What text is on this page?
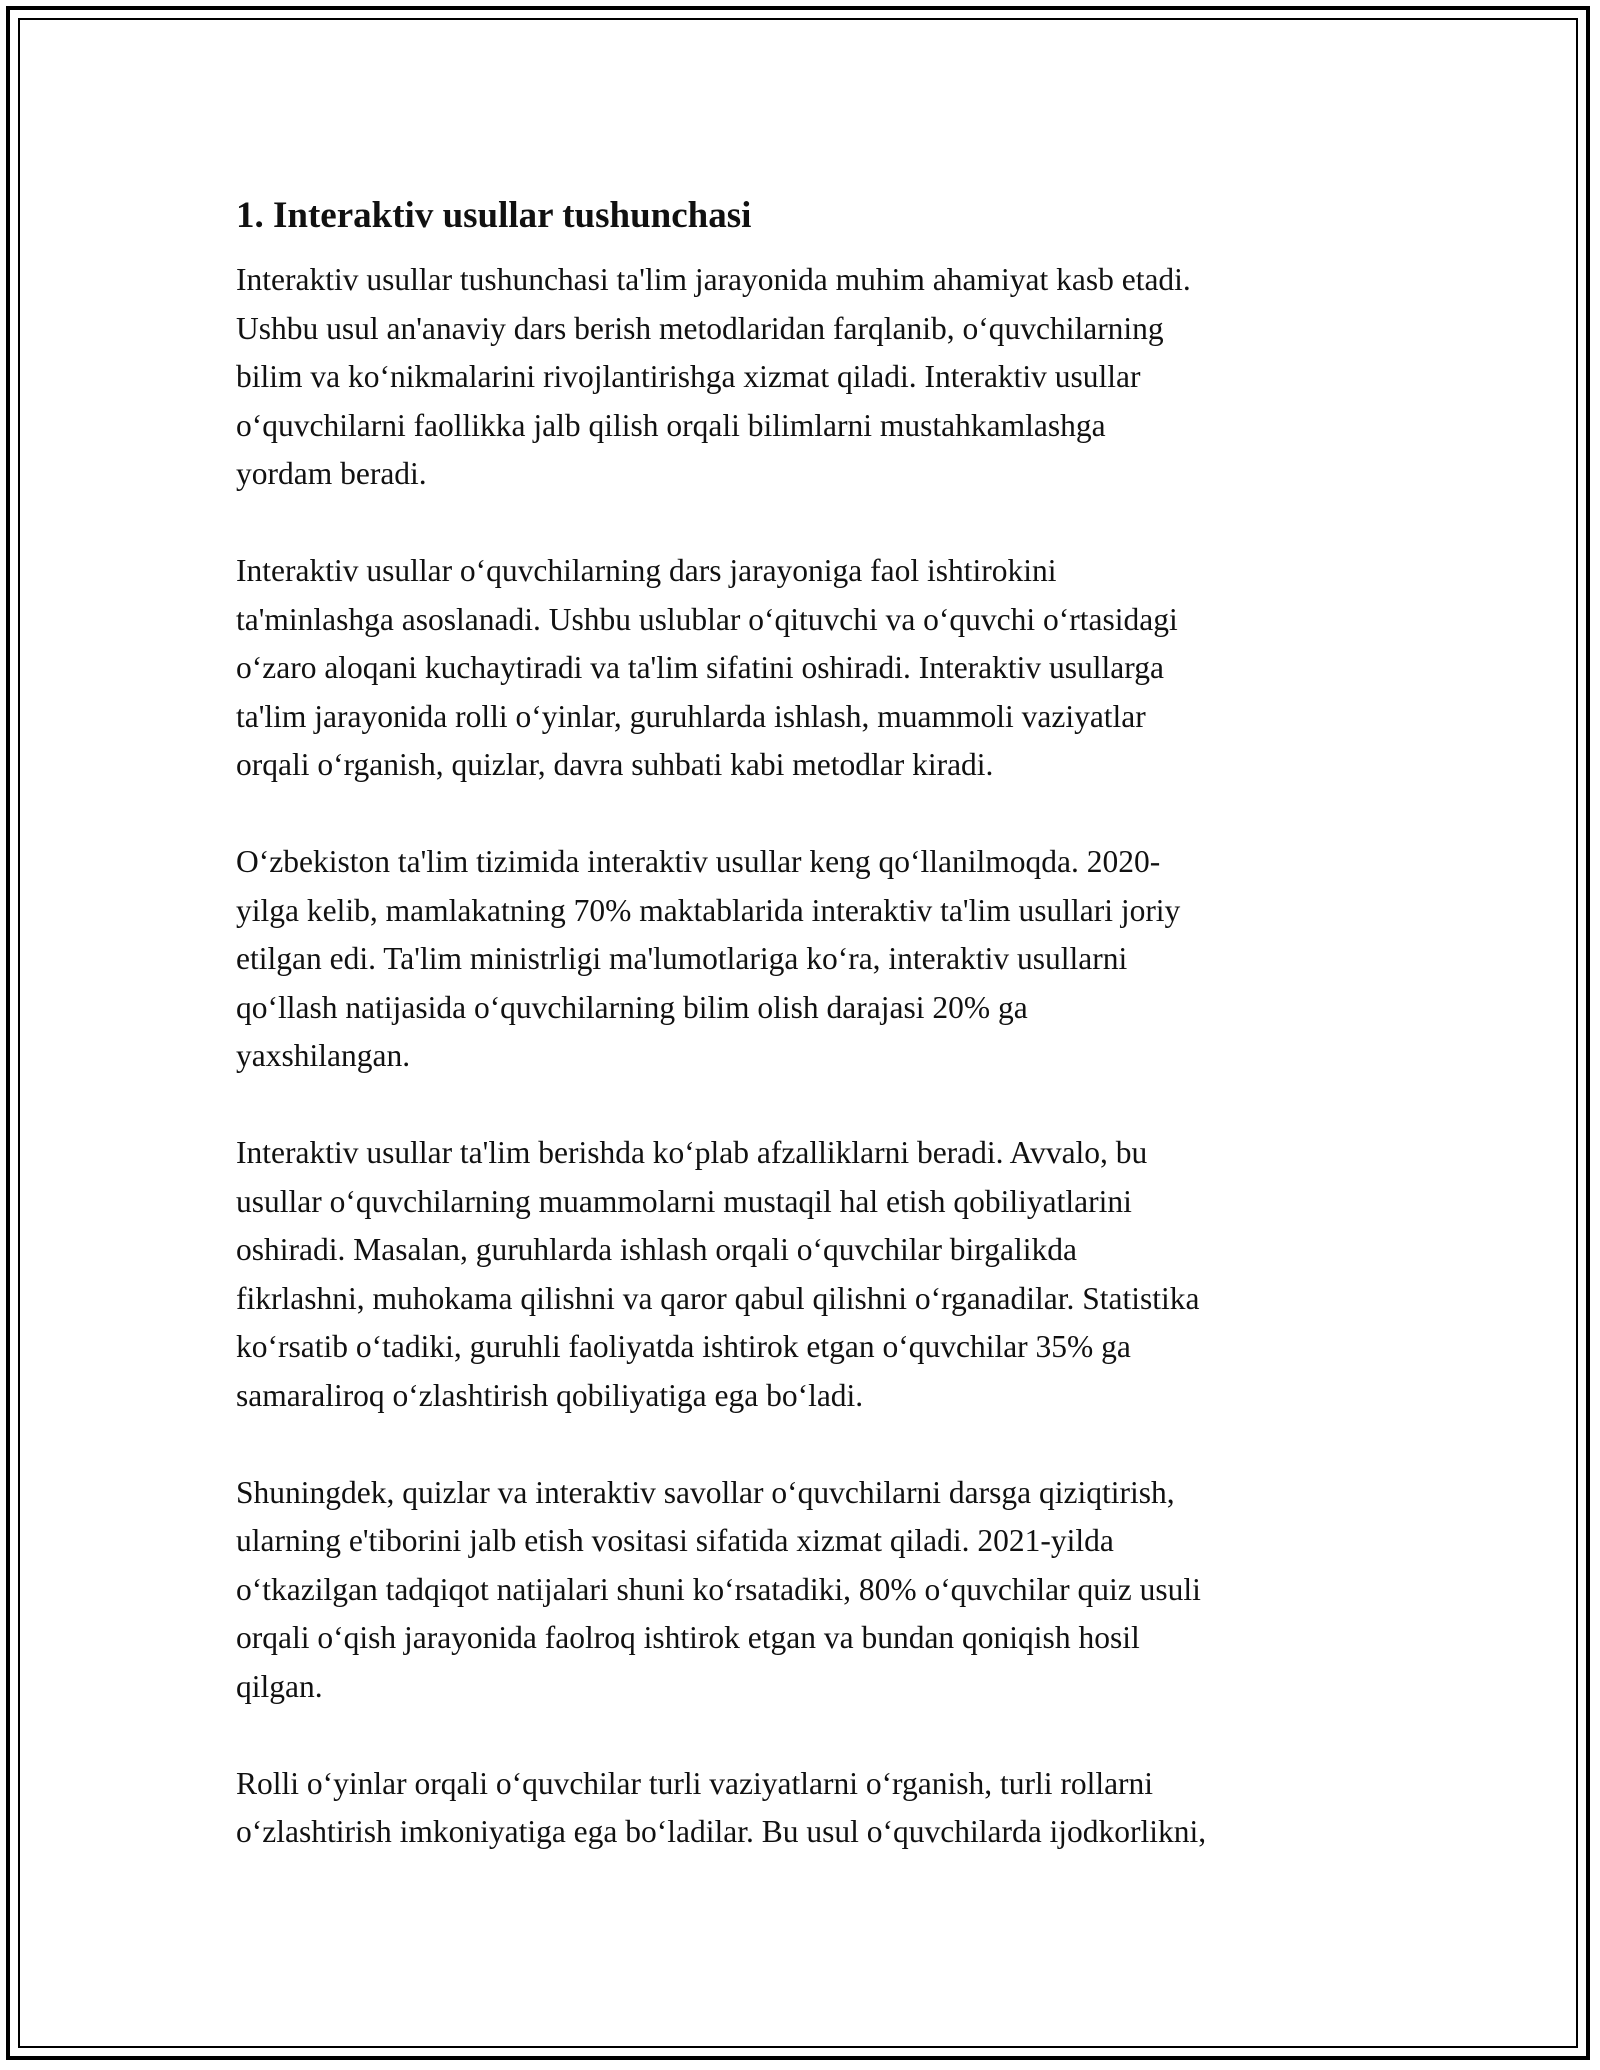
1. Interaktiv usullar tushunchasi

Interaktiv usullar tushunchasi ta'lim jarayonida muhim ahamiyat kasb etadi.
Ushbu usul an'anaviy dars berish metodlaridan farqlanib, o‘quvchilarning
bilim va ko‘nikmalarini rivojlantirishga xizmat qiladi. Interaktiv usullar
o‘quvchilarni faollikka jalb qilish orqali bilimlarni mustahkamlashga
yordam beradi.

Interaktiv usullar o‘quvchilarning dars jarayoniga faol ishtirokini
ta'minlashga asoslanadi. Ushbu uslublar o‘qituvchi va o‘quvchi o‘rtasidagi
o‘zaro aloqani kuchaytiradi va ta'lim sifatini oshiradi. Interaktiv usullarga
ta'lim jarayonida rolli o‘yinlar, guruhlarda ishlash, muammoli vaziyatlar
orqali o‘rganish, quizlar, davra suhbati kabi metodlar kiradi.

O‘zbekiston ta'lim tizimida interaktiv usullar keng qo‘llanilmoqda. 2020-
yilga kelib, mamlakatning 70% maktablarida interaktiv ta'lim usullari joriy
etilgan edi. Ta'lim ministrligi ma'lumotlariga ko‘ra, interaktiv usullarni
qo‘llash natijasida o‘quvchilarning bilim olish darajasi 20% ga
yaxshilangan.

Interaktiv usullar ta'lim berishda ko‘plab afzalliklarni beradi. Avvalo, bu
usullar o‘quvchilarning muammolarni mustaqil hal etish qobiliyatlarini
oshiradi. Masalan, guruhlarda ishlash orqali o‘quvchilar birgalikda
fikrlashni, muhokama qilishni va qaror qabul qilishni o‘rganadilar. Statistika
ko‘rsatib o‘tadiki, guruhli faoliyatda ishtirok etgan o‘quvchilar 35% ga
samaraliroq o‘zlashtirish qobiliyatiga ega bo‘ladi.

Shuningdek, quizlar va interaktiv savollar o‘quvchilarni darsga qiziqtirish,
ularning e'tiborini jalb etish vositasi sifatida xizmat qiladi. 2021-yilda
o‘tkazilgan tadqiqot natijalari shuni ko‘rsatadiki, 80% o‘quvchilar quiz usuli
orqali o‘qish jarayonida faolroq ishtirok etgan va bundan qoniqish hosil
qilgan.

Rolli o‘yinlar orqali o‘quvchilar turli vaziyatlarni o‘rganish, turli rollarni
o‘zlashtirish imkoniyatiga ega bo‘ladilar. Bu usul o‘quvchilarda ijodkorlikni,
